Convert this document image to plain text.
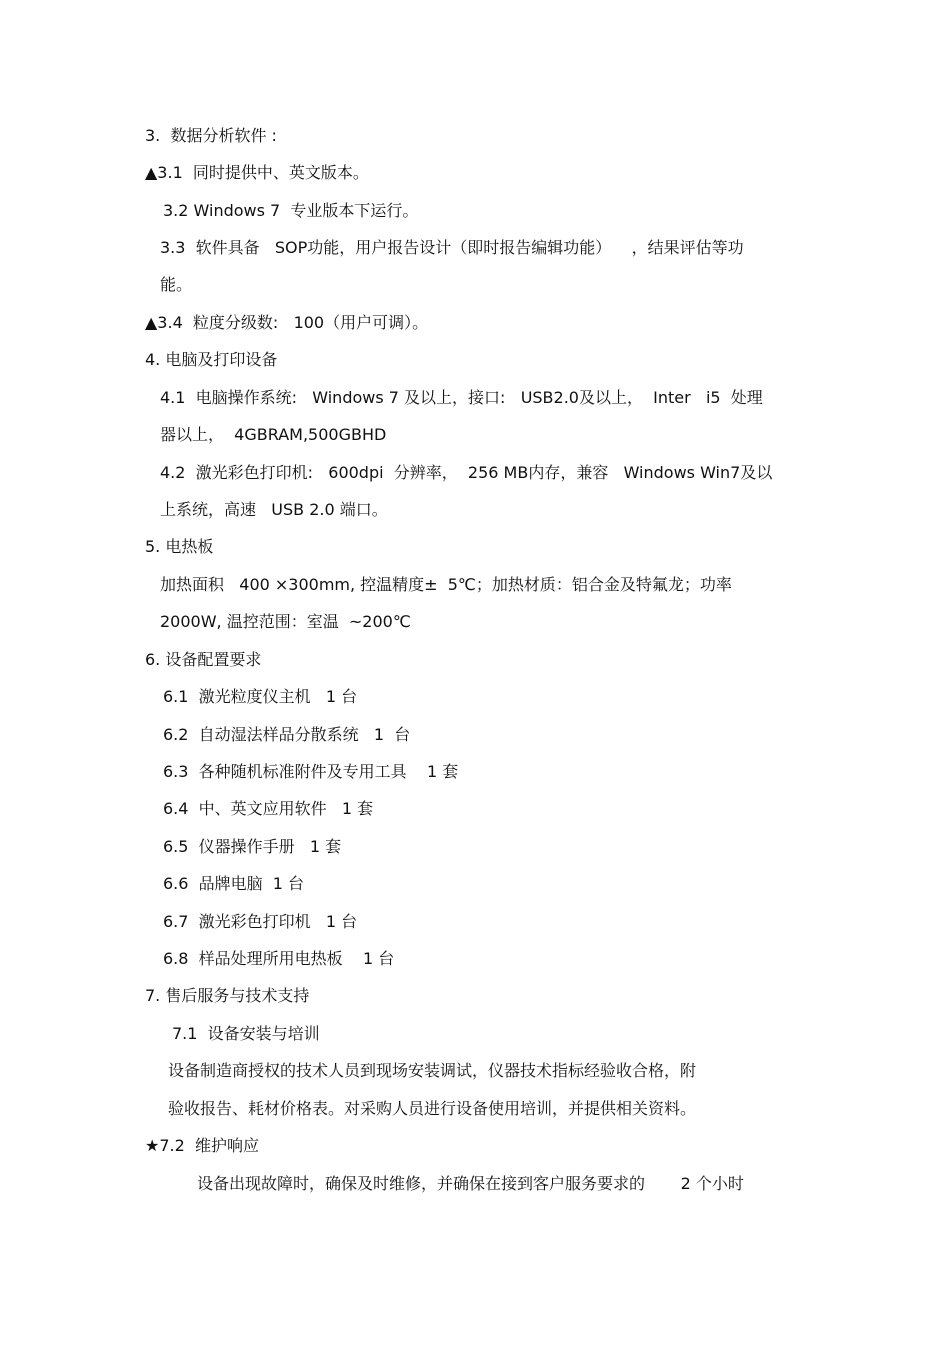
3.  数据分析软件 :
▲3.1  同时提供中、英文版本。
3.2 Windows 7  专业版本下运行。
3.3  软件具备   SOP功能，用户报告设计（即时报告编辑功能）    ，结果评估等功
能。
▲3.4  粒度分级数:   100（用户可调）。
4. 电脑及打印设备
4.1  电脑操作系统:   Windows 7 及以上，接口:   USB2.0及以上，  Inter   i5  处理
器以上，  4GBRAM,500GBHD
4.2  激光彩色打印机:   600dpi  分辨率，  256 MB内存，兼容   Windows Win7及以
上系统，高速   USB 2.0 端口。
5. 电热板
加热面积   400 ×300mm, 控温精度±  5℃；加热材质：铝合金及特氟龙；功率
2000W, 温控范围：室温  ~200℃
6. 设备配置要求
6.1  激光粒度仪主机   1 台
6.2  自动湿法样品分散系统   1  台
6.3  各种随机标准附件及专用工具    1 套
6.4  中、英文应用软件   1 套
6.5  仪器操作手册   1 套
6.6  品牌电脑  1 台
6.7  激光彩色打印机   1 台
6.8  样品处理所用电热板    1 台
7. 售后服务与技术支持
7.1  设备安装与培训
设备制造商授权的技术人员到现场安装调试，仪器技术指标经验收合格，附
验收报告、耗材价格表。对采购人员进行设备使用培训，并提供相关资料。
★7.2  维护响应
设备出现故障时，确保及时维修，并确保在接到客户服务要求的       2 个小时
